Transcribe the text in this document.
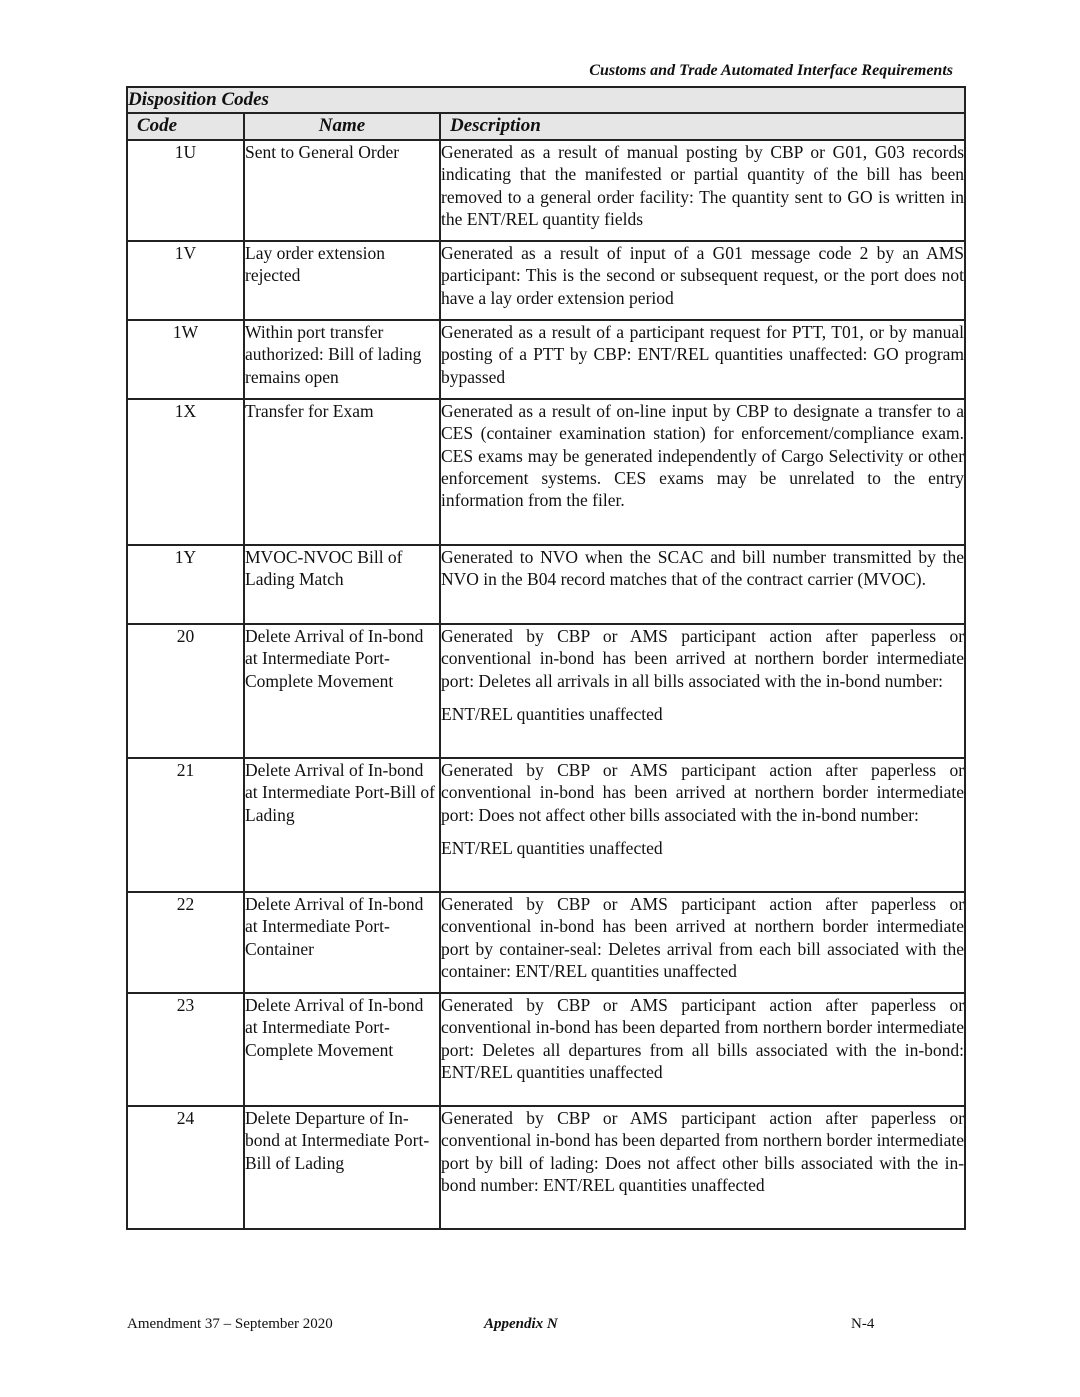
Customs and Trade Automated Interface Requirements
Disposition Codes		
Code	Name	Description
1U	Sent to General Order	Generated as a result of manual posting by CBP or G01, G03 records indicating that the manifested or partial quantity of the bill has been removed to a general order facility: The quantity sent to GO is written in the ENT/REL quantity fields

1V	Lay order extension rejected	Generated as a result of input of a G01 message code 2 by an AMS participant: This is the second or subsequent request, or the port does not have a lay order extension period

1W	Within port transfer authorized: Bill of lading remains open	Generated as a result of a participant request for PTT, T01, or by manual posting of a PTT by CBP: ENT/REL quantities unaffected: GO program bypassed

1X	Transfer for Exam	Generated as a result of on-line input by CBP to designate a transfer to a CES (container examination station) for enforcement/compliance exam. CES exams may be generated independently of Cargo Selectivity or other enforcement systems. CES exams may be unrelated to the entry information from the filer.

1Y	MVOC-NVOC Bill of Lading Match	Generated to NVO when the SCAC and bill number transmitted by the NVO in the B04 record matches that of the contract carrier (MVOC).

20	Delete Arrival of In-bond at Intermediate Port-Complete Movement	Generated by CBP or AMS participant action after paperless or conventional in-bond has been arrived at northern border intermediate port: Deletes all arrivals in all bills associated with the in-bond number:

ENT/REL quantities unaffected

21	Delete Arrival of In-bond at Intermediate Port-Bill of Lading	Generated by CBP or AMS participant action after paperless or conventional in-bond has been arrived at northern border intermediate port: Does not affect other bills associated with the in-bond number:

ENT/REL quantities unaffected

22	Delete Arrival of In-bond at Intermediate Port-Container	Generated by CBP or AMS participant action after paperless or conventional in-bond has been arrived at northern border intermediate port by container-seal: Deletes arrival from each bill associated with the container: ENT/REL quantities unaffected

23	Delete Arrival of In-bond at Intermediate Port-Complete Movement	Generated by CBP or AMS participant action after paperless or conventional in-bond has been departed from northern border intermediate port: Deletes all departures from all bills associated with the in-bond: ENT/REL quantities unaffected

24	Delete Departure of In-bond at Intermediate Port-Bill of Lading	Generated by CBP or AMS participant action after paperless or conventional in-bond has been departed from northern border intermediate port by bill of lading: Does not affect other bills associated with the in-bond number: ENT/REL quantities unaffected

Amendment 37 – September 2020	Appendix N	N-4
